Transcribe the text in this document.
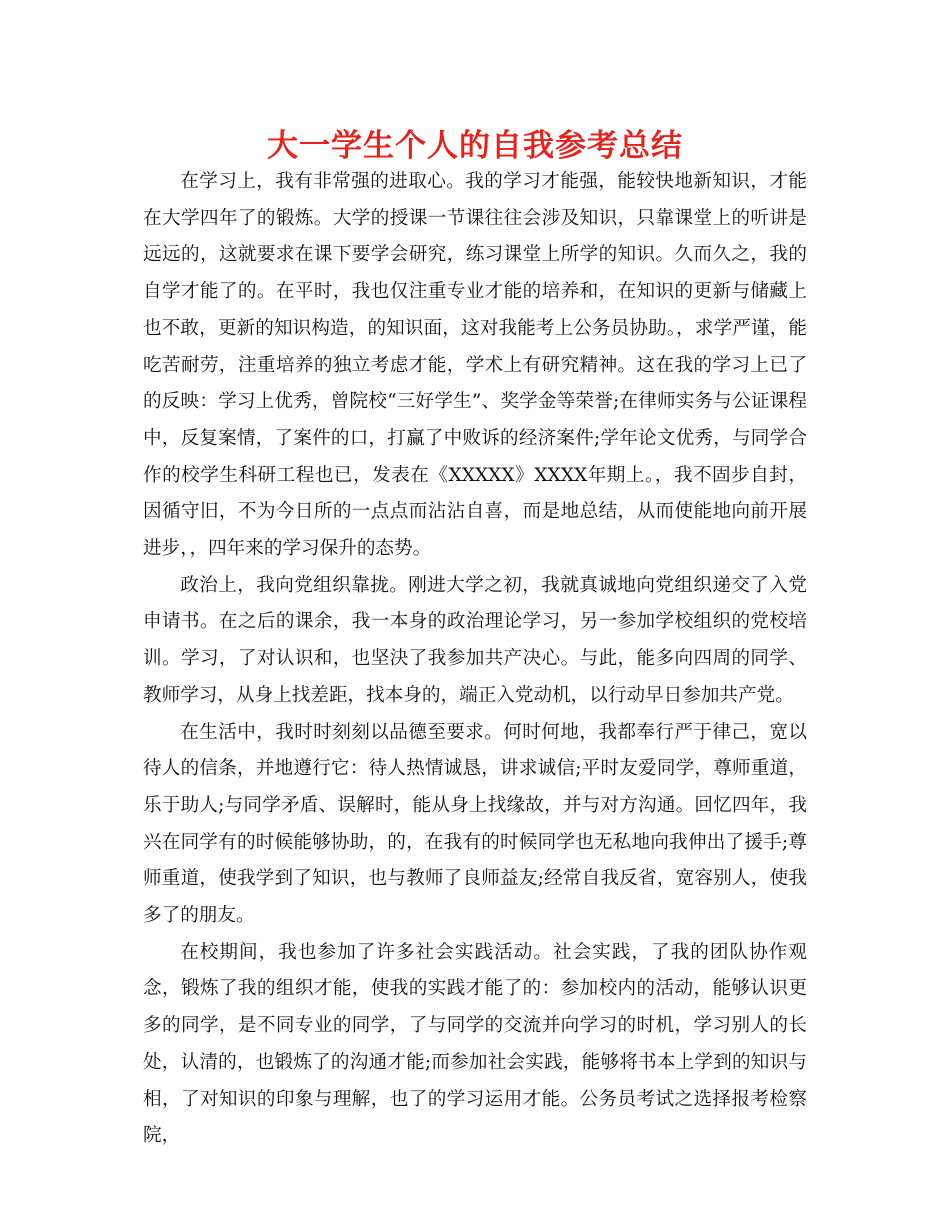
大一学生个人的自我参考总结

在学习上，我有非常强的进取心。我的学习才能强，能较快地新知识，才能在大学四年了的锻炼。大学的授课一节课往往会涉及知识，只靠课堂上的听讲是远远的，这就要求在课下要学会研究，练习课堂上所学的知识。久而久之，我的自学才能了的。在平时，我也仅注重专业才能的培养和，在知识的更新与储藏上也不敢，更新的知识构造，的知识面，这对我能考上公务员协助。，求学严谨，能吃苦耐劳，注重培养的独立考虑才能，学术上有研究精神。这在我的学习上已了的反映：学习上优秀，曾院校“三好学生”、奖学金等荣誉;在律师实务与公证课程中，反复案情，了案件的口，打赢了中败诉的经济案件;学年论文优秀，与同学合作的校学生科研工程也已，发表在《XXXXX》XXXX年期上。，我不固步自封，因循守旧，不为今日所的一点点而沾沾自喜，而是地总结，从而使能地向前开展进步，，四年来的学习保升的态势。

政治上，我向党组织靠拢。刚进大学之初，我就真诚地向党组织递交了入党申请书。在之后的课余，我一本身的政治理论学习，另一参加学校组织的党校培训。学习，了对认识和，也坚決了我参加共产决心。与此，能多向四周的同学、教师学习，从身上找差距，找本身的，端正入党动机，以行动早日参加共产党。

在生活中，我时时刻刻以品德至要求。何时何地，我都奉行严于律己，宽以待人的信条，并地遵行它：待人热情诚恳，讲求诚信;平时友爱同学，尊师重道，乐于助人;与同学矛盾、误解时，能从身上找缘故，并与对方沟通。回忆四年，我兴在同学有的时候能够协助，的，在我有的时候同学也无私地向我伸出了援手;尊师重道，使我学到了知识，也与教师了良师益友;经常自我反省，宽容别人，使我多了的朋友。

在校期间，我也参加了许多社会实践活动。社会实践，了我的团队协作观念，锻炼了我的组织才能，使我的实践才能了的：参加校内的活动，能够认识更多的同学，是不同专业的同学，了与同学的交流并向学习的时机，学习别人的长处，认清的，也锻炼了的沟通才能;而参加社会实践，能够将书本上学到的知识与相，了对知识的印象与理解，也了的学习运用才能。公务员考试之选择报考检察院，
